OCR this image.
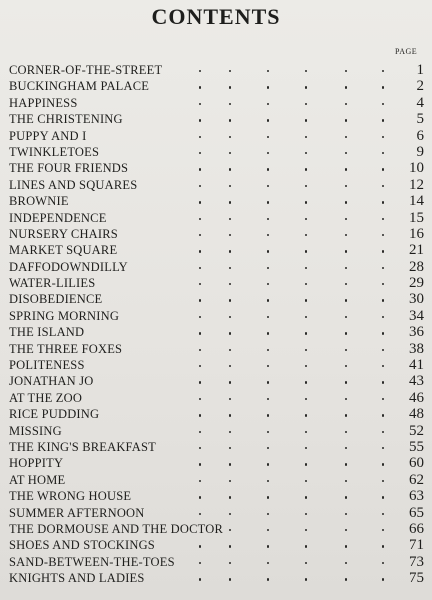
CONTENTS
PAGE
CORNER-OF-THE-STREET	1
BUCKINGHAM PALACE	2
HAPPINESS	4
THE CHRISTENING	5
PUPPY AND I	6
TWINKLETOES	9
THE FOUR FRIENDS	10
LINES AND SQUARES	12
BROWNIE	14
INDEPENDENCE	15
NURSERY CHAIRS	16
MARKET SQUARE	21
DAFFODOWNDILLY	28
WATER-LILIES	29
DISOBEDIENCE	30
SPRING MORNING	34
THE ISLAND	36
THE THREE FOXES	38
POLITENESS	41
JONATHAN JO	43
AT THE ZOO	46
RICE PUDDING	48
MISSING	52
THE KING'S BREAKFAST	55
HOPPITY	60
AT HOME	62
THE WRONG HOUSE	63
SUMMER AFTERNOON	65
THE DORMOUSE AND THE DOCTOR	66
SHOES AND STOCKINGS	71
SAND-BETWEEN-THE-TOES	73
KNIGHTS AND LADIES	75
